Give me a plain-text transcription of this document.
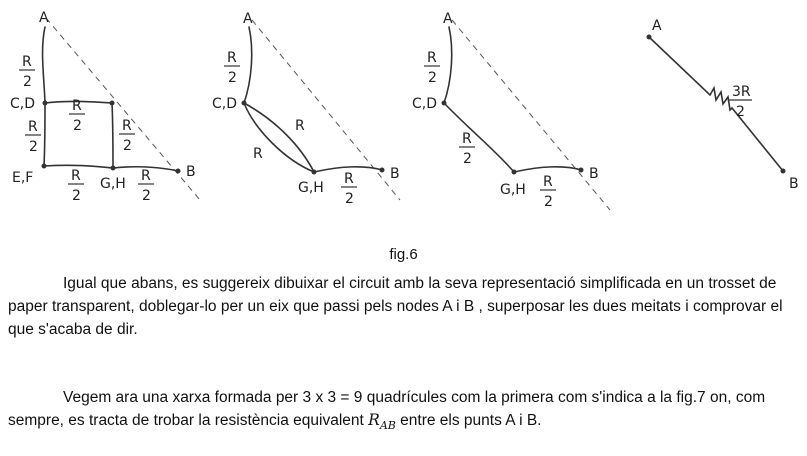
A
B
C,D
E,F	G,H
R
2
R
2
R
2	R
2
R
2
R
2
A
B
C,D
G,H
R
2
R
R
R
2
A
B
C,D
G,H
R
2
R
2
R
2
A
B
3R
2
fig.6

Igual que abans, es suggereix dibuixar el circuit amb la seva representació simplificada en un trosset de paper transparent, doblegar-lo per un eix que passi pels nodes A i B , superposar les dues meitats i comprovar el que s'acaba de dir.

Vegem ara una xarxa formada per 3 x 3 = 9 quadrícules com la primera com s'indica a la fig.7 on, com sempre, es tracta de trobar la resistència equivalent $R_{AB}$ entre els punts A i B.
